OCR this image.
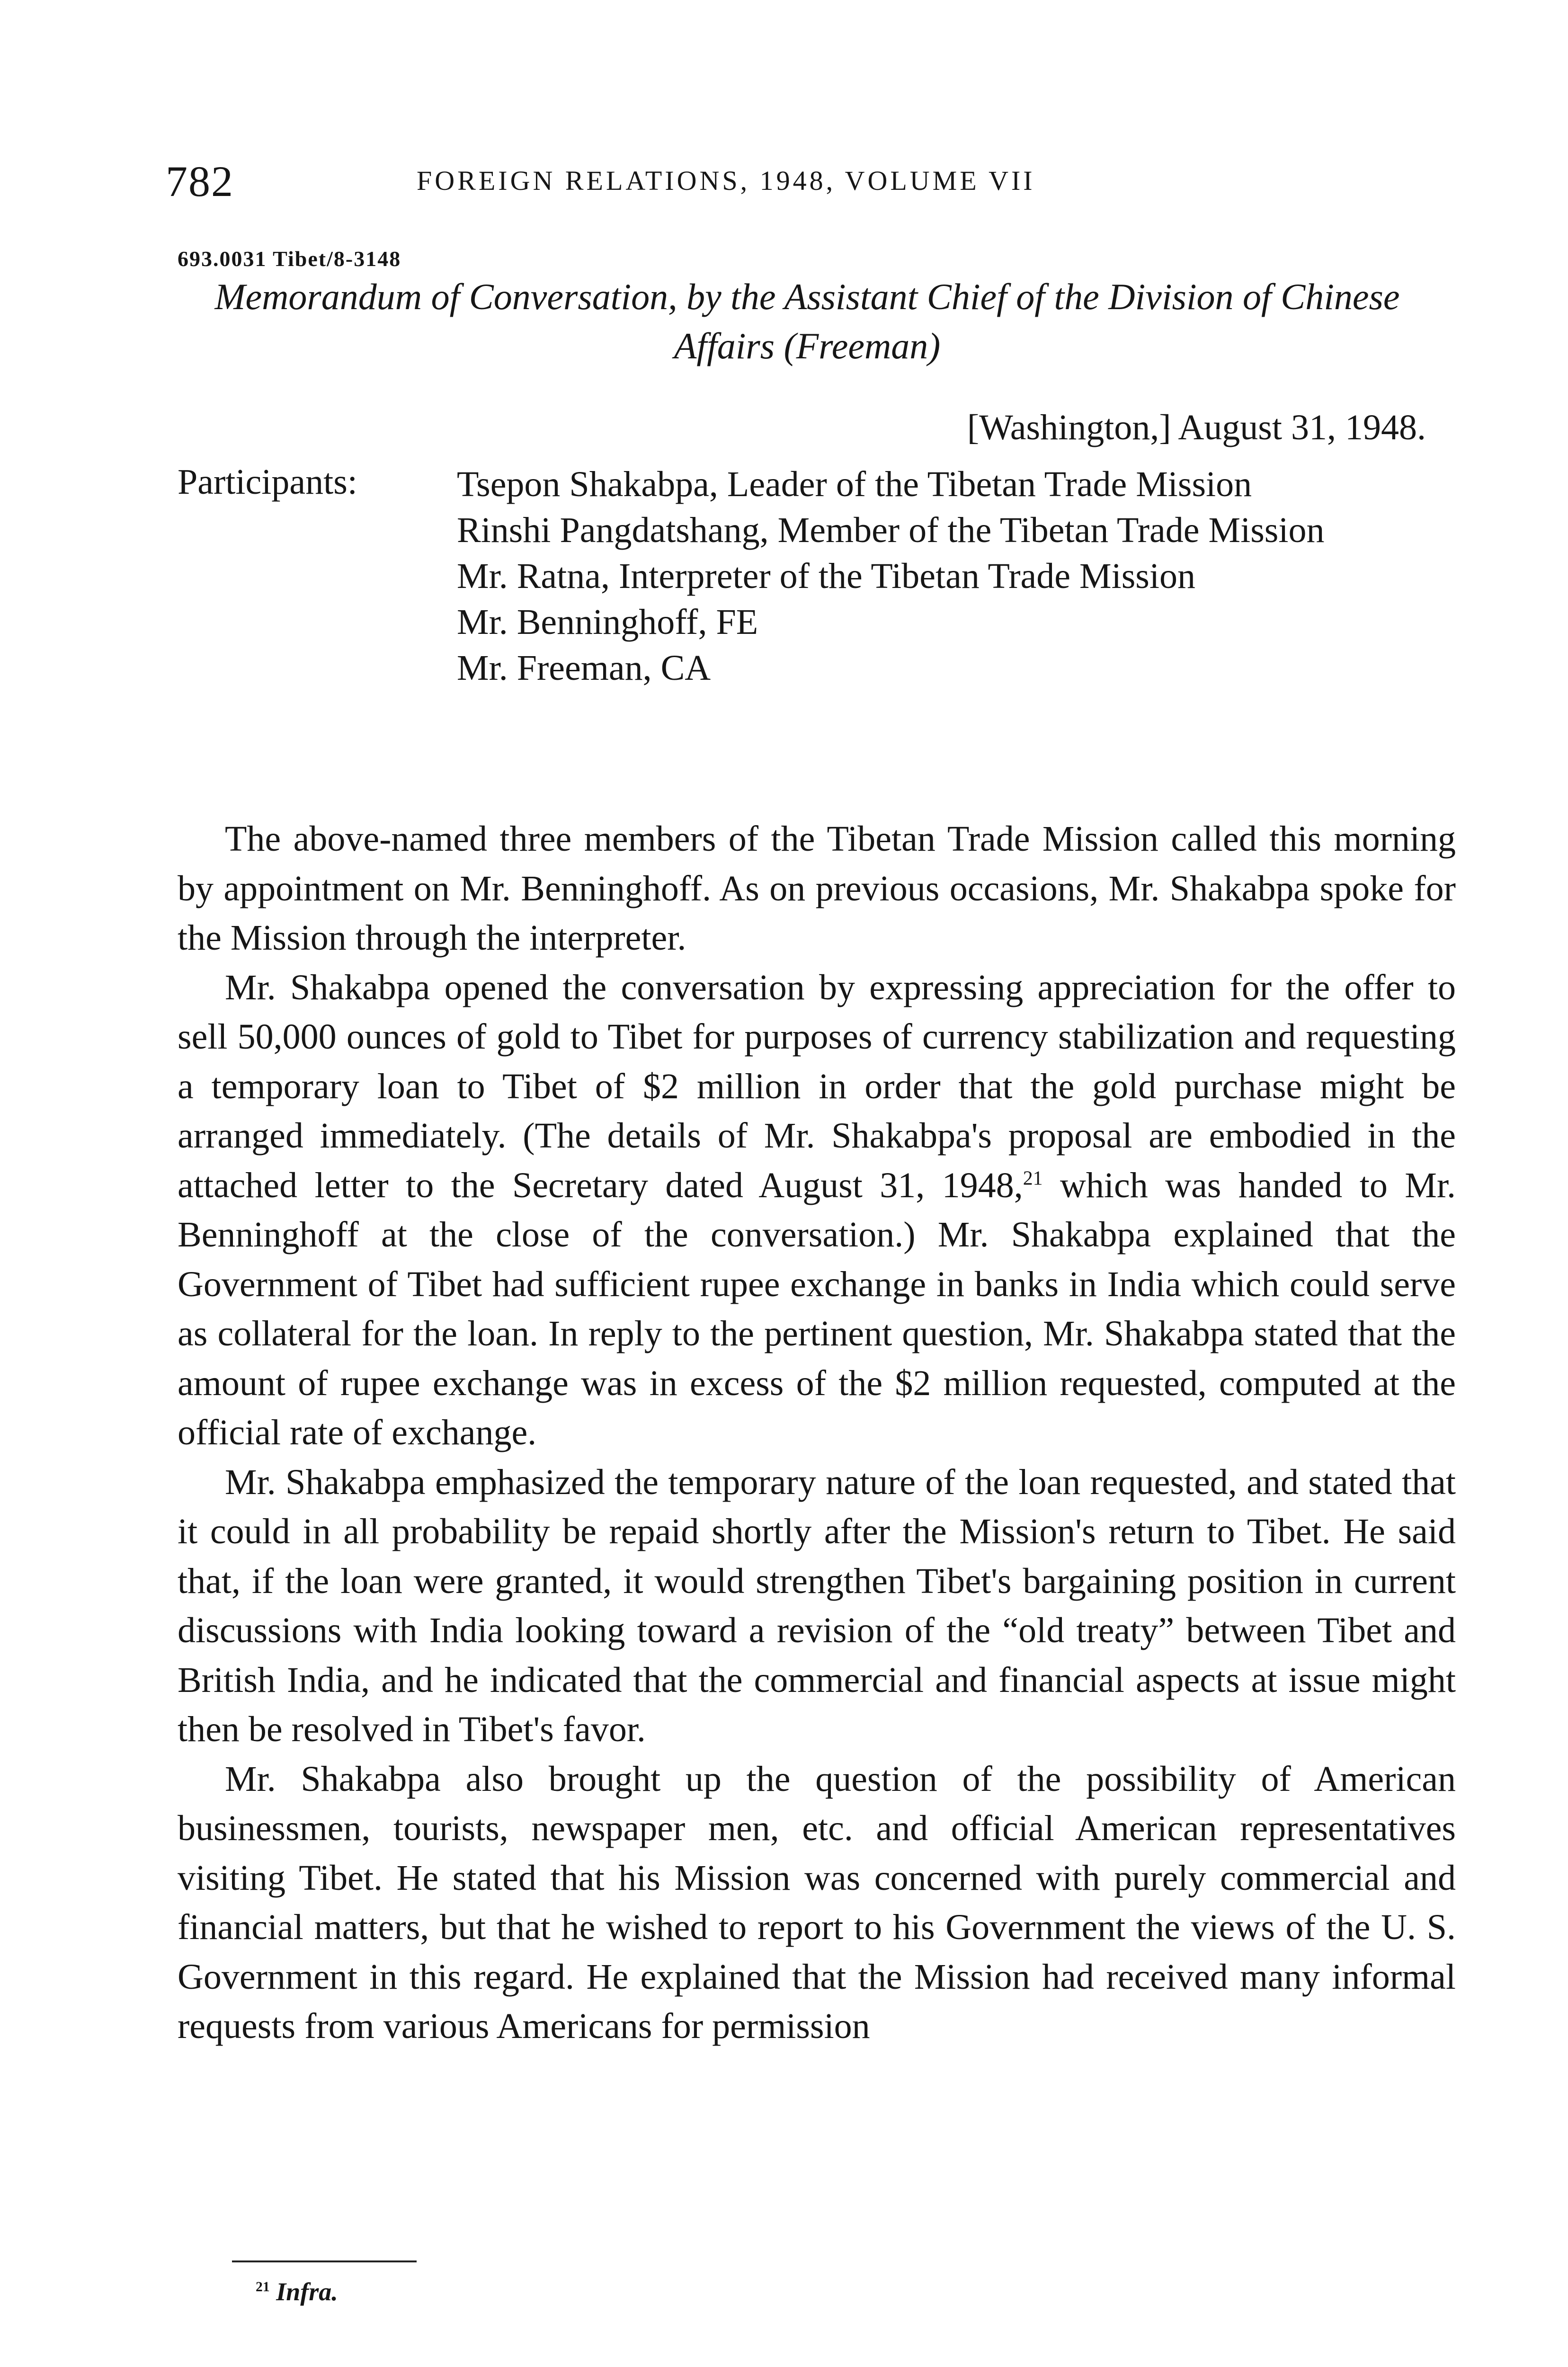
782	FOREIGN RELATIONS, 1948, VOLUME VII
693.0031 Tibet/8-3148
Memorandum of Conversation, by the Assistant Chief of the Division of Chinese Affairs (Freeman)
[Washington,] August 31, 1948.
Participants:	Tsepon Shakabpa, Leader of the Tibetan Trade Mission
Rinshi Pangdatshang, Member of the Tibetan Trade Mission
Mr. Ratna, Interpreter of the Tibetan Trade Mission
Mr. Benninghoff, FE
Mr. Freeman, CA

The above-named three members of the Tibetan Trade Mission called this morning by appointment on Mr. Benninghoff. As on previous occasions, Mr. Shakabpa spoke for the Mission through the interpreter.

Mr. Shakabpa opened the conversation by expressing appreciation for the offer to sell 50,000 ounces of gold to Tibet for purposes of currency stabilization and requesting a temporary loan to Tibet of $2 million in order that the gold purchase might be arranged immediately. (The details of Mr. Shakabpa's proposal are embodied in the attached letter to the Secretary dated August 31, 1948,21 which was handed to Mr. Benninghoff at the close of the conversation.) Mr. Shakabpa explained that the Government of Tibet had sufficient rupee exchange in banks in India which could serve as collateral for the loan. In reply to the pertinent question, Mr. Shakabpa stated that the amount of rupee exchange was in excess of the $2 million requested, computed at the official rate of exchange.

Mr. Shakabpa emphasized the temporary nature of the loan requested, and stated that it could in all probability be repaid shortly after the Mission's return to Tibet. He said that, if the loan were granted, it would strengthen Tibet's bargaining position in current discussions with India looking toward a revision of the “old treaty” between Tibet and British India, and he indicated that the commercial and financial aspects at issue might then be resolved in Tibet's favor.

Mr. Shakabpa also brought up the question of the possibility of American businessmen, tourists, newspaper men, etc. and official American representatives visiting Tibet. He stated that his Mission was concerned with purely commercial and financial matters, but that he wished to report to his Government the views of the U. S. Government in this regard. He explained that the Mission had received many informal requests from various Americans for permission

$^{21}$ Infra.
